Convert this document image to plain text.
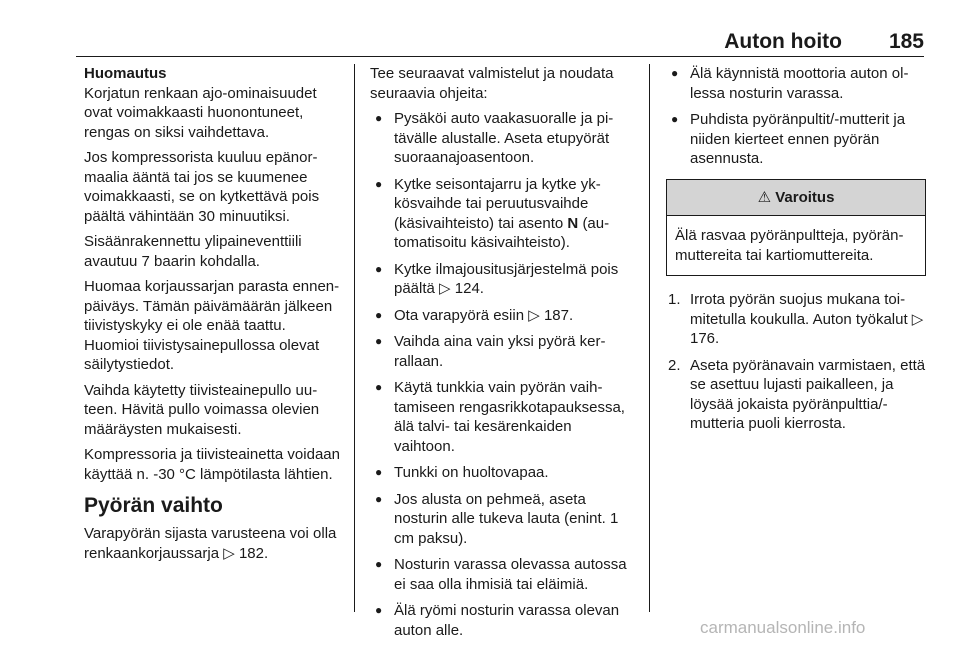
Auton hoito 185

Huomautus

Korjatun renkaan ajo-ominaisuudet ovat voimakkaasti huonontuneet, rengas on siksi vaihdettava.

Jos kompressorista kuuluu epänormaalia ääntä tai jos se kuumenee voimakkaasti, se on kytkettävä pois päältä vähintään 30 minuutiksi.

Sisäänrakennettu ylipaineventtiili avautuu 7 baarin kohdalla.

Huomaa korjaussarjan parasta ennen-päiväys. Tämän päivämäärän jälkeen tiivistyskyky ei ole enää taattu. Huomioi tiivistysainepullossa olevat säilytystiedot.

Vaihda käytetty tiivisteainepullo uuteen. Hävitä pullo voimassa olevien määräysten mukaisesti.

Kompressoria ja tiivisteainetta voidaan käyttää n. -30 °C lämpötilasta lähtien.

Pyörän vaihto

Varapyörän sijasta varusteena voi olla renkaankorjaussarja ▷ 182.

Tee seuraavat valmistelut ja noudata seuraavia ohjeita:

● Pysäköi auto vaakasuoralle ja pitävälle alustalle. Aseta etupyörät suoraanajoasentoon.
● Kytke seisontajarru ja kytke ykkösvaihde tai peruutusvaihde (käsivaihteisto) tai asento N (automatisoitu käsivaihteisto).
● Kytke ilmajousitusjärjestelmä pois päältä ▷ 124.
● Ota varapyörä esiin ▷ 187.
● Vaihda aina vain yksi pyörä kerrallaan.
● Käytä tunkkia vain pyörän vaihtamiseen rengasrikkotapauksessa, älä talvi- tai kesärenkaiden vaihtoon.
● Tunkki on huoltovapaa.
● Jos alusta on pehmeä, aseta nosturin alle tukeva lauta (enint. 1 cm paksu).
● Nosturin varassa olevassa autossa ei saa olla ihmisiä tai eläimiä.
● Älä ryömi nosturin varassa olevan auton alle.
● Älä käynnistä moottoria auton ollessa nosturin varassa.
● Puhdista pyöränpultit/-mutterit ja niiden kierteet ennen pyörän asennusta.
⚠ Varoitus
Älä rasvaa pyöränpultteja, pyöränmuttereita tai kartiomuttereita.
1. Irrota pyörän suojus mukana toimitetulla koukulla. Auton työkalut ▷ 176.
2. Aseta pyöränavain varmistaen, että se asettuu lujasti paikalleen, ja löysää jokaista pyöränpulttia/-mutteria puoli kierrosta.
carmanualsonline.info
